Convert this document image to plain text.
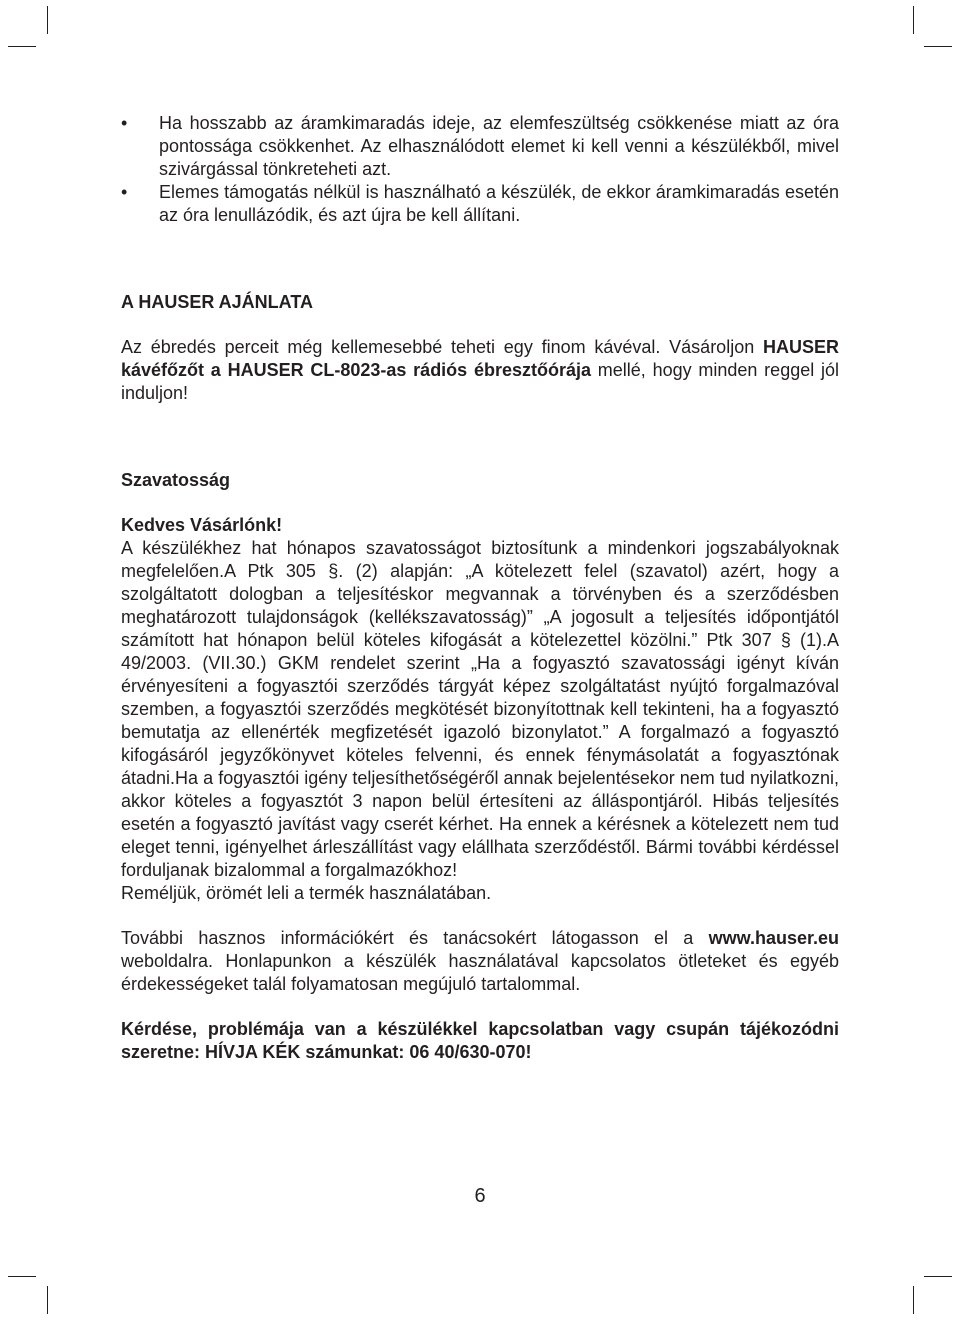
• Ha hosszabb az áramkimaradás ideje, az elemfeszültség csökkenése miatt az óra pontossága csökkenhet. Az elhasználódott elemet ki kell venni a készülékből, mivel szivárgással tönkreteheti azt.
• Elemes támogatás nélkül is használható a készülék, de ekkor áramkimaradás esetén az óra lenullázódik, és azt újra be kell állítani.
A HAUSER AJÁNLATA

Az ébredés perceit még kellemesebbé teheti egy finom kávéval. Vásároljon HAUSER kávéfőzőt a HAUSER CL-8023-as rádiós ébresztőórája mellé, hogy minden reggel jól induljon!

Szavatosság

Kedves Vásárlónk!

A készülékhez hat hónapos szavatosságot biztosítunk a mindenkori jogszabályoknak megfelelően.A Ptk 305 §. (2) alapján: „A kötelezett felel (szavatol) azért, hogy a szolgáltatott dologban a teljesítéskor megvannak a törvényben és a szerződésben meghatározott tulajdonságok (kellékszavatosság)” „A jogosult a teljesítés időpontjától számított hat hónapon belül köteles kifogását a kötelezettel közölni.” Ptk 307 § (1).A 49/2003. (VII.30.) GKM rendelet szerint „Ha a fogyasztó szavatossági igényt kíván érvényesíteni a fogyasztói szerződés tárgyát képez szolgáltatást nyújtó forgalmazóval szemben, a fogyasztói szerződés megkötését bizonyítottnak kell tekinteni, ha a fogyasztó bemutatja az ellenérték megfizetését igazoló bizonylatot.” A forgalmazó a fogyasztó kifogásáról jegyzőkönyvet köteles felvenni, és ennek fénymásolatát a fogyasztónak átadni.Ha a fogyasztói igény teljesíthetőségéről annak bejelentésekor nem tud nyilatkozni, akkor köteles a fogyasztót 3 napon belül értesíteni az álláspontjáról. Hibás teljesítés esetén a fogyasztó javítást vagy cserét kérhet. Ha ennek a kérésnek a kötelezett nem tud eleget tenni, igényelhet árleszállítást vagy elállhata szerződéstől. Bármi további kérdéssel forduljanak bizalommal a forgalmazókhoz!

Reméljük, örömét leli a termék használatában.

További hasznos információkért és tanácsokért látogasson el a www.hauser.eu weboldalra. Honlapunkon a készülék használatával kapcsolatos ötleteket és egyéb érdekességeket talál folyamatosan megújuló tartalommal.

Kérdése, problémája van a készülékkel kapcsolatban vagy csupán tájékozódni szeretne: HÍVJA KÉK számunkat: 06 40/630-070!

6
